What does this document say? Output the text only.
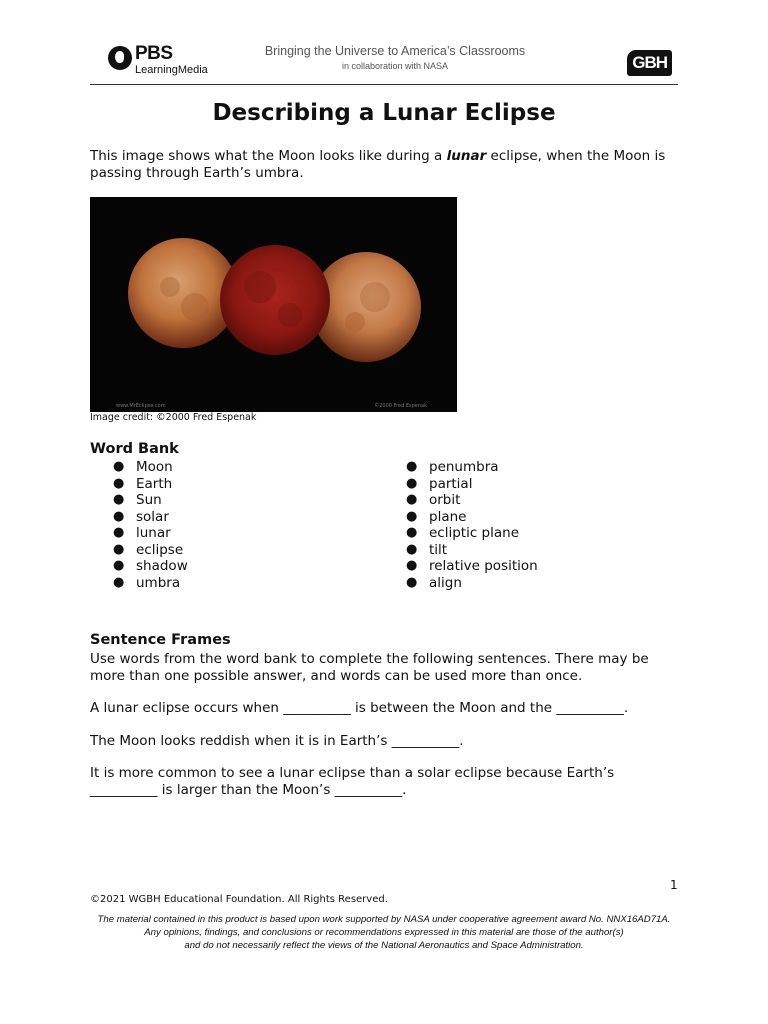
PBS
LearningMedia
Bringing the Universe to America’s Classrooms
in collaboration with NASA	GBH
Describing a Lunar Eclipse
This image shows what the Moon looks like during a lunar eclipse, when the Moon is passing through Earth’s umbra.
www.MrEclipse.com	©2000 Fred Espenak
Image credit: ©2000 Fred Espenak
Word Bank
● Moon
● Earth
● Sun
● solar
● lunar
● eclipse
● shadow
● umbra
● penumbra
● partial
● orbit
● plane
● ecliptic plane
● tilt
● relative position
● align
Sentence Frames
Use words from the word bank to complete the following sentences. There may be more than one possible answer, and words can be used more than once.
A lunar eclipse occurs when __________ is between the Moon and the __________.
The Moon looks reddish when it is in Earth’s __________.
It is more common to see a lunar eclipse than a solar eclipse because Earth’s __________ is larger than the Moon’s __________.
1
©2021 WGBH Educational Foundation. All Rights Reserved.
The material contained in this product is based upon work supported by NASA under cooperative agreement award No. NNX16AD71A.
Any opinions, findings, and conclusions or recommendations expressed in this material are those of the author(s)
and do not necessarily reflect the views of the National Aeronautics and Space Administration.
